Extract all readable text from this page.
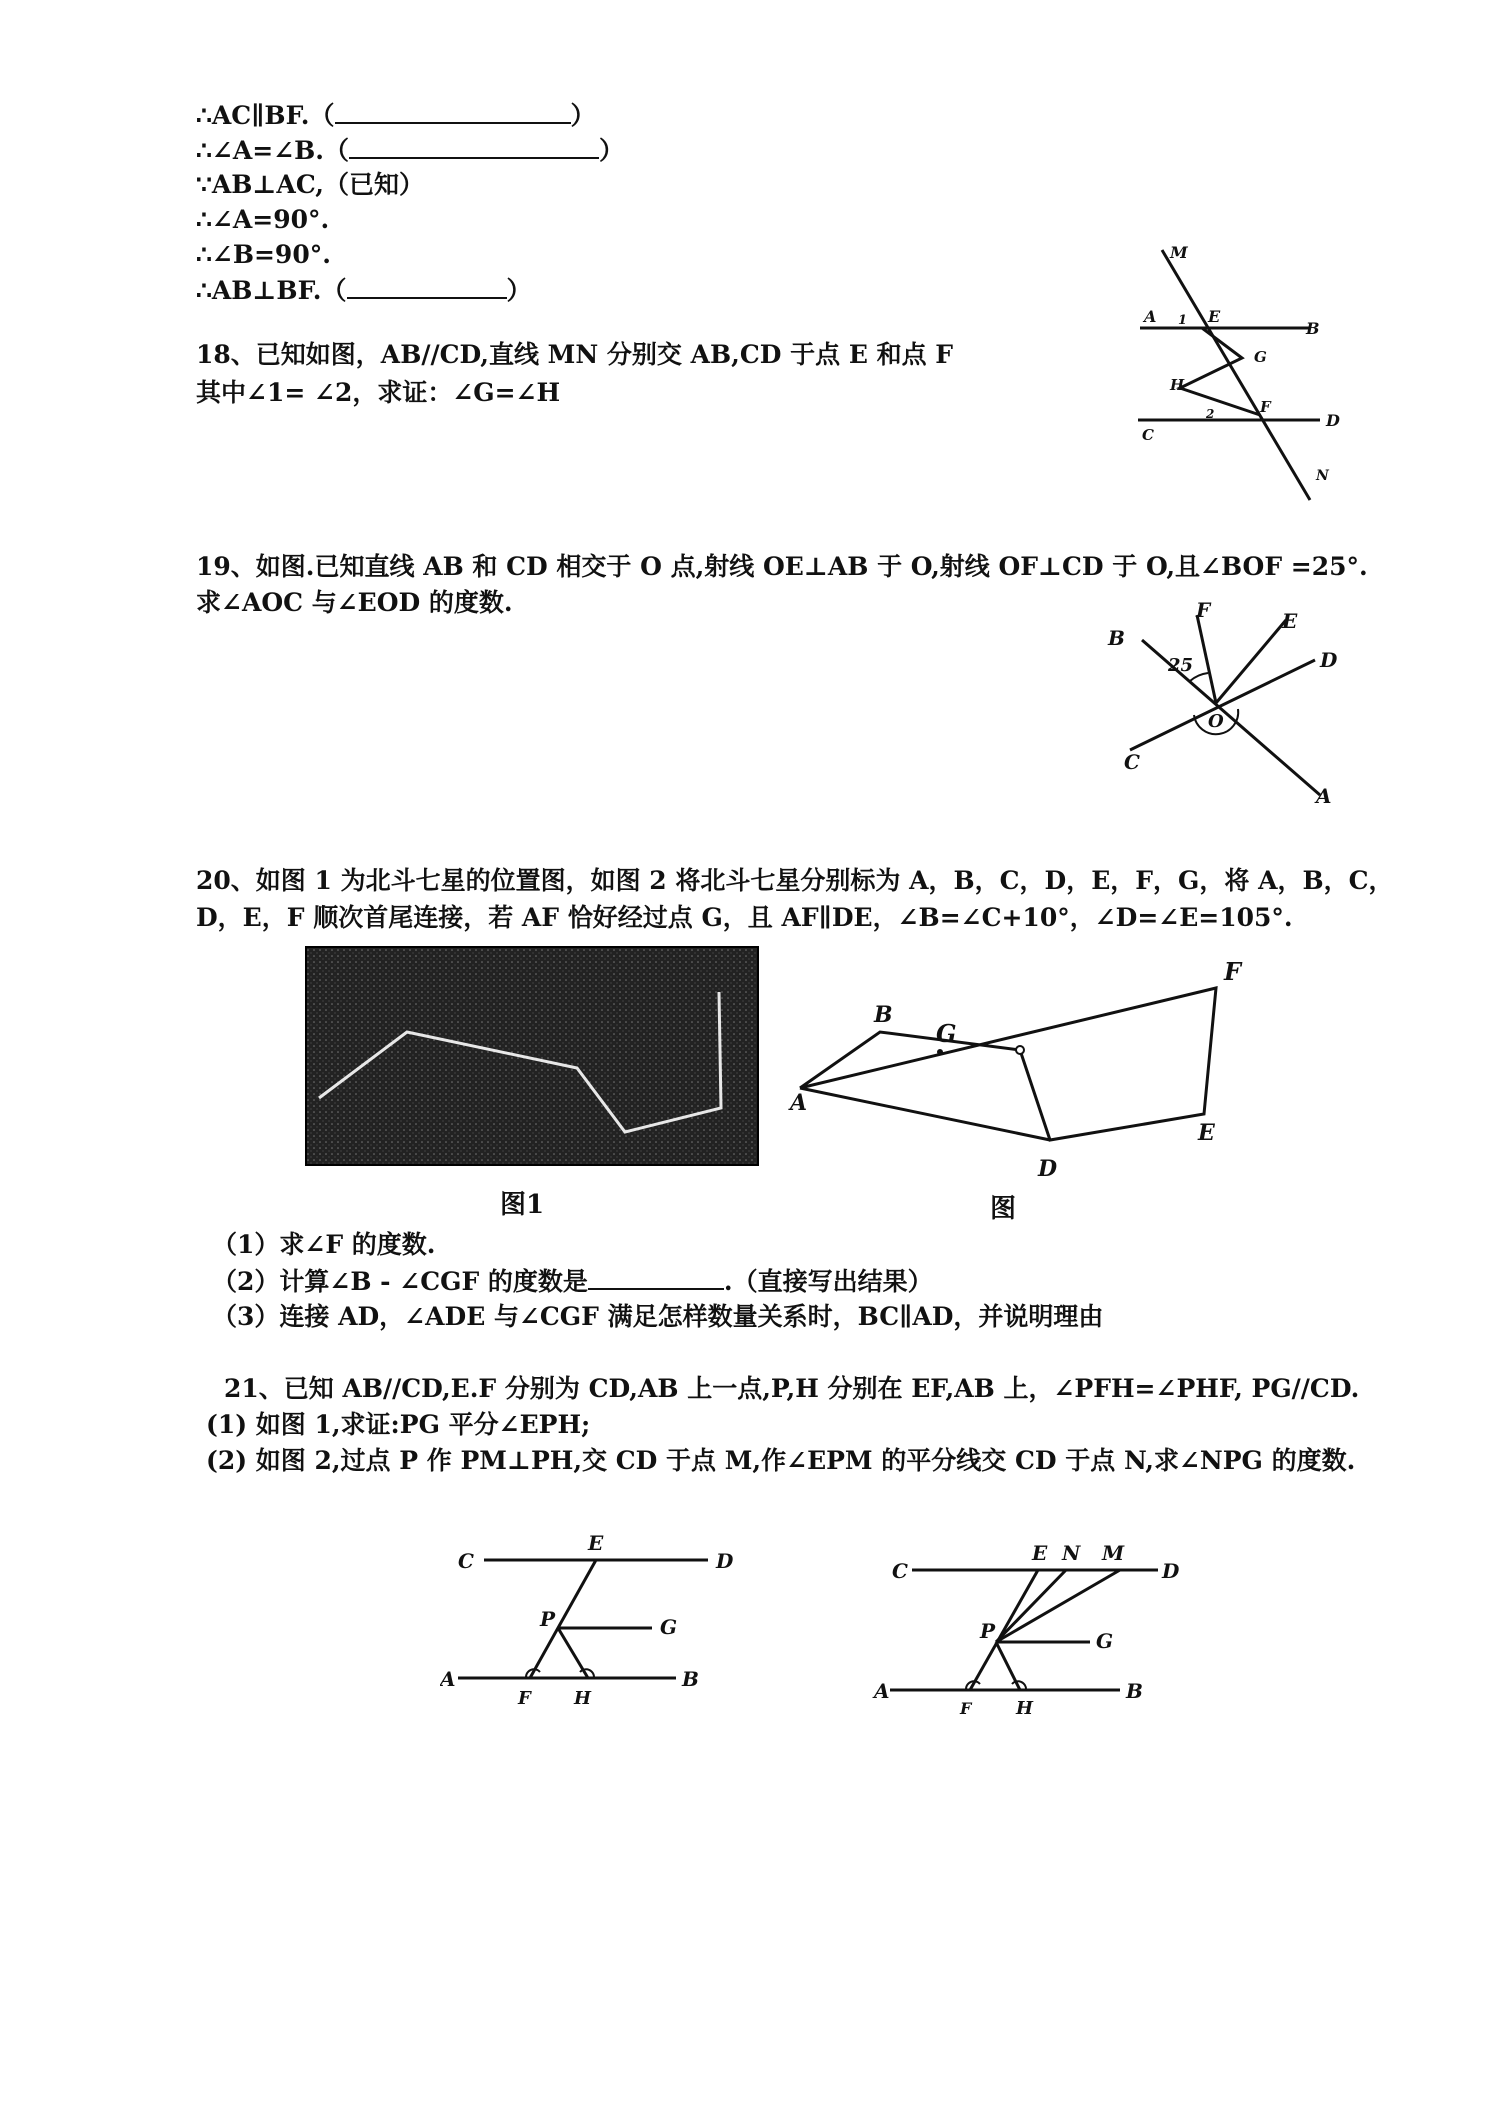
∴AC∥BF.（	）
∴∠A=∠B.（	）
∵AB⊥AC,（已知）
∴∠A=90°.
∴∠B=90°.
∴AB⊥BF.（	）
18、已知如图，AB//CD,直线 MN 分别交 AB,CD 于点 E 和点 F
其中∠1= ∠2，求证：∠G=∠H
M
A 1 E
B
G
H
F
2	D
C
N
19、如图.已知直线 AB 和 CD 相交于 O 点,射线 OE⊥AB 于 O,射线 OF⊥CD 于 O,且∠BOF =25°.
求∠AOC 与∠EOD 的度数.
B
F	E
D
25
O
C
A
20、如图 1 为北斗七星的位置图，如图 2 将北斗七星分别标为 A，B，C，D，E，F，G，将 A，B，C，
D，E，F 顺次首尾连接，若 AF 恰好经过点 G，且 AF∥DE，∠B=∠C+10°，∠D=∠E=105°.
图1
A
B
G
F
D
E
图
（1）求∠F 的度数.
（2）计算∠B - ∠CGF 的度数是	.（直接写出结果）
（3）连接 AD，∠ADE 与∠CGF 满足怎样数量关系时，BC∥AD，并说明理由
21、已知 AB//CD,E.F 分别为 CD,AB 上一点,P,H 分别在 EF,AB 上，∠PFH=∠PHF, PG//CD.
(1) 如图 1,求证:PG 平分∠EPH;
(2) 如图 2,过点 P 作 PM⊥PH,交 CD 于点 M,作∠EPM 的平分线交 CD 于点 N,求∠NPG 的度数.
C
E
D
P	G
A
F H
B
C
E N M
D
P	G
A
F H
B
